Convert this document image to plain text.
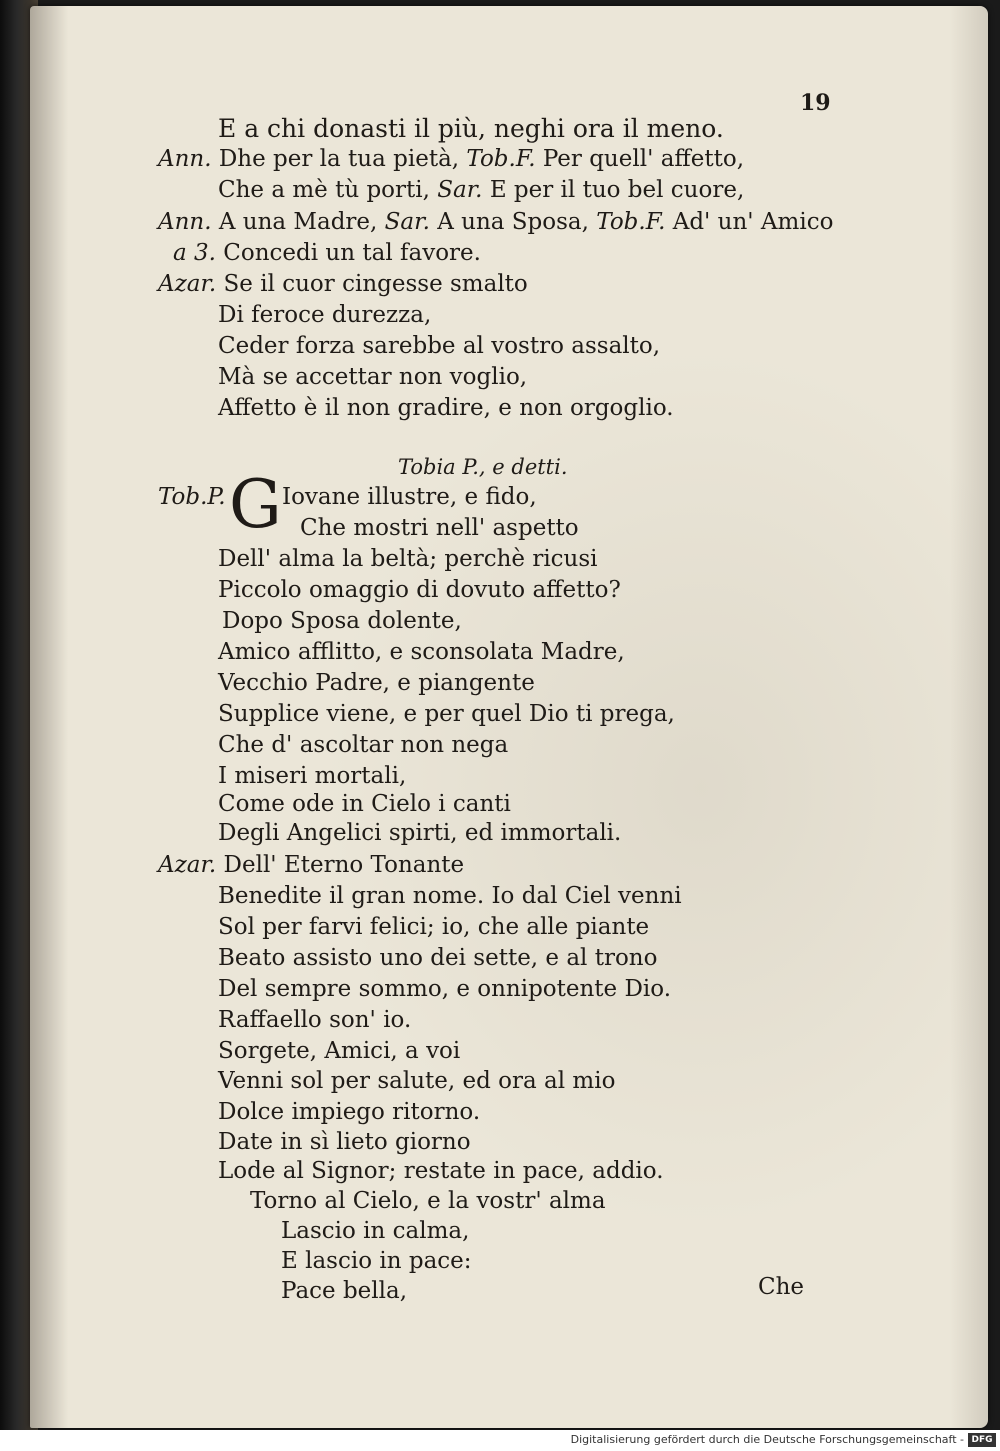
19
E a chi donasti il più, neghi ora il meno.
Ann. Dhe per la tua pietà, Tob.F. Per quell' affetto,
Che a mè tù porti, Sar. E per il tuo bel cuore,
Ann. A una Madre, Sar. A una Sposa, Tob.F. Ad' un' Amico
a 3. Concedi un tal favore.
Azar. Se il cuor cingesse smalto
Di feroce durezza,
Ceder forza sarebbe al vostro assalto,
Mà se accettar non voglio,
Affetto è il non gradire, e non orgoglio.
Tobia P., e detti.
Tob.P. Iovane illustre, e fido,
Che mostri nell' aspetto
Dell' alma la beltà; perchè ricusi
Piccolo omaggio di dovuto affetto?
Dopo Sposa dolente,
Amico afflitto, e sconsolata Madre,
Vecchio Padre, e piangente
Supplice viene, e per quel Dio ti prega,
Che d' ascoltar non nega
I miseri mortali,
Come ode in Cielo i canti
Degli Angelici spirti, ed immortali.
Azar. Dell' Eterno Tonante
Benedite il gran nome. Io dal Ciel venni
Sol per farvi felici; io, che alle piante
Beato assisto uno dei sette, e al trono
Del sempre sommo, e onnipotente Dio.
Raffaello son' io.
Sorgete, Amici, a voi
Venni sol per salute, ed ora al mio
Dolce impiego ritorno.
Date in sì lieto giorno
Lode al Signor; restate in pace, addio.
Torno al Cielo, e la vostr' alma
Lascio in calma,
E lascio in pace:
Pace bella,
G
Che
Digitalisierung gefördert durch die Deutsche Forschungsgemeinschaft - DFG
